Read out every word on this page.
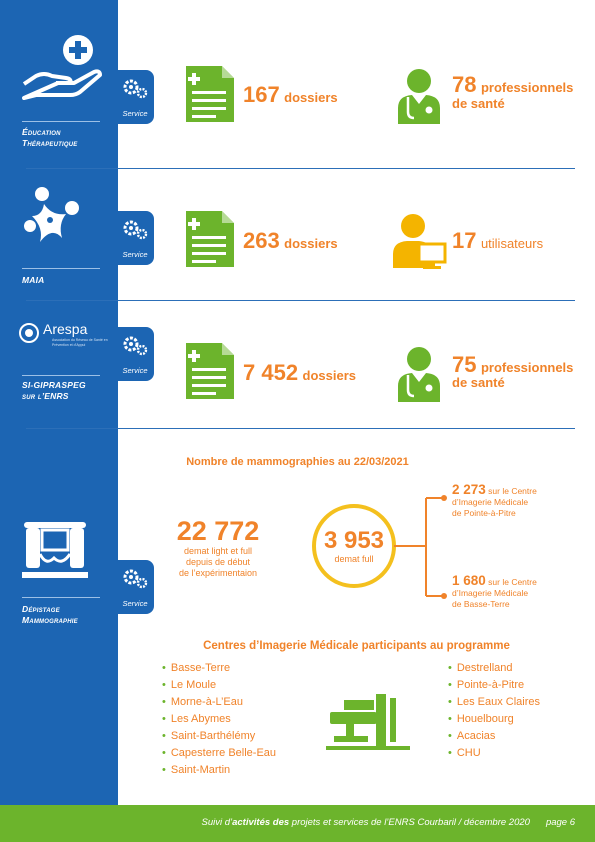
Éducation
Thérapeutique
MAIA
Arespa
Association du Réseau de Santé en Prévention et d’Appui
SI-GIPRASPEG
sur l’ENRS
Dépistage
Mammographie
Service
Service
Service
Service
167 dossiers
78 professionnels
de santé
263 dossiers	17 utilisateurs
7 452 dossiers	75 professionnels
de santé
Nombre de mammographies au 22/03/2021
22 772
demat light et full
depuis de début
de l’expérimentaion
3 953
demat full
2 273 sur le Centre
d’Imagerie Médicale
de Pointe-à-Pitre
1 680 sur le Centre
d’Imagerie Médicale
de Basse-Terre
Centres d’Imagerie Médicale participants au programme
• Basse-Terre
• Le Moule
• Morne-à-L’Eau
• Les Abymes
• Saint-Barthélémy
• Capesterre Belle-Eau
• Saint-Martin
• Destrelland
• Pointe-à-Pitre
• Les Eaux Claires
• Houelbourg
• Acacias
• CHU
Suivi d’activités des projets et services de l’ENRS Courbaril / décembre 2020 page 6
